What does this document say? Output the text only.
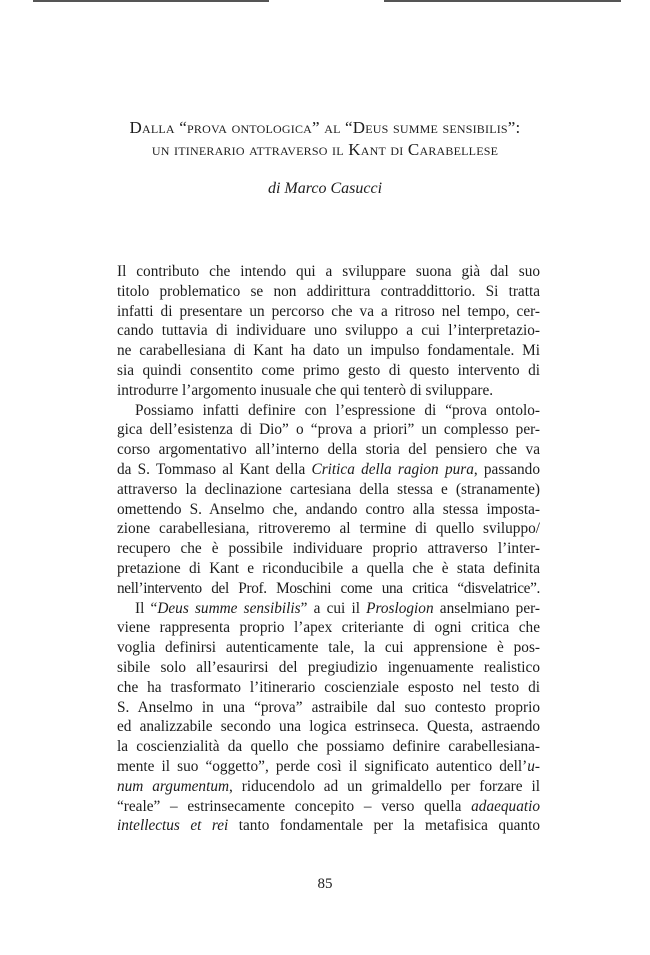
Dalla “prova ontologica” al “Deus summe sensibilis”:
un itinerario attraverso il Kant di Carabellese
di Marco Casucci
Il contributo che intendo qui a sviluppare suona già dal suo
titolo problematico se non addirittura contraddittorio. Si tratta
infatti di presentare un percorso che va a ritroso nel tempo, cer-
cando tuttavia di individuare uno sviluppo a cui l’interpretazio-
ne carabellesiana di Kant ha dato un impulso fondamentale. Mi
sia quindi consentito come primo gesto di questo intervento di
introdurre l’argomento inusuale che qui tenterò di sviluppare.
Possiamo infatti definire con l’espressione di “prova ontolo-
gica dell’esistenza di Dio” o “prova a priori” un complesso per-
corso argomentativo all’interno della storia del pensiero che va
da S. Tommaso al Kant della Critica della ragion pura, passando
attraverso la declinazione cartesiana della stessa e (stranamente)
omettendo S. Anselmo che, andando contro alla stessa imposta-
zione carabellesiana, ritroveremo al termine di quello sviluppo/
recupero che è possibile individuare proprio attraverso l’inter-
pretazione di Kant e riconducibile a quella che è stata definita
nell’intervento del Prof. Moschini come una critica “disvelatrice”.
Il “Deus summe sensibilis” a cui il Proslogion anselmiano per-
viene rappresenta proprio l’apex criteriante di ogni critica che
voglia definirsi autenticamente tale, la cui apprensione è pos-
sibile solo all’esaurirsi del pregiudizio ingenuamente realistico
che ha trasformato l’itinerario coscienziale esposto nel testo di
S. Anselmo in una “prova” astraibile dal suo contesto proprio
ed analizzabile secondo una logica estrinseca. Questa, astraendo
la coscienzialità da quello che possiamo definire carabellesiana-
mente il suo “oggetto”, perde così il significato autentico dell’u-
num argumentum, riducendolo ad un grimaldello per forzare il
“reale” – estrinsecamente concepito – verso quella adaequatio
intellectus et rei tanto fondamentale per la metafisica quanto
85
